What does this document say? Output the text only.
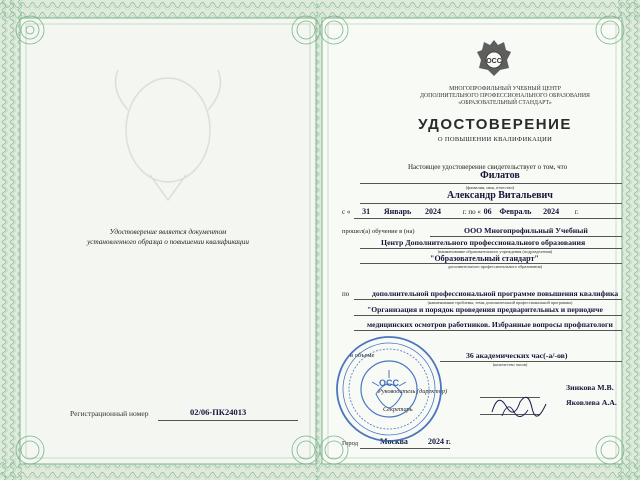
Удостоверение является документом
установленного образца о повышении квалификации
Регистрационный номер	02/06-ПК24013
ОСС
МНОГОПРОФИЛЬНЫЙ УЧЕБНЫЙ ЦЕНТР
ДОПОЛНИТЕЛЬНОГО ПРОФЕССИОНАЛЬНОГО ОБРАЗОВАНИЯ
«ОБРАЗОВАТЕЛЬНЫЙ СТАНДАРТ»
УДОСТОВЕРЕНИЕ
О ПОВЫШЕНИИ КВАЛИФИКАЦИИ
Настоящее удостоверение свидетельствует о том, что
Филатов
(фамилия, имя, отчество)
Александр Витальевич
с « 31 Январь 2024	г. по « 06 Февраль 2024 г.
прошел(а) обучение в (на)	ООО Многопрофильный Учебный
Центр Дополнительного профессионального образования
(наименование образовательного учреждения (подразделения)
"Образовательный стандарт"
дополнительного профессионального образования)
по	дополнительной профессиональной программе повышения квалифика
(наименование проблемы, темы дополнительной профессиональной программы)
"Организация и порядок проведения предварительных и периодиче
медицинских осмотров работников. Избранные вопросы профпатологи
в объеме	36 академических час(-а/-ов)
(количество часов)
Руководитель (директор)	Зинкова М.В.
Секретарь
Яковлева А.А.
Город	Москва	2024 г.
ОСС
